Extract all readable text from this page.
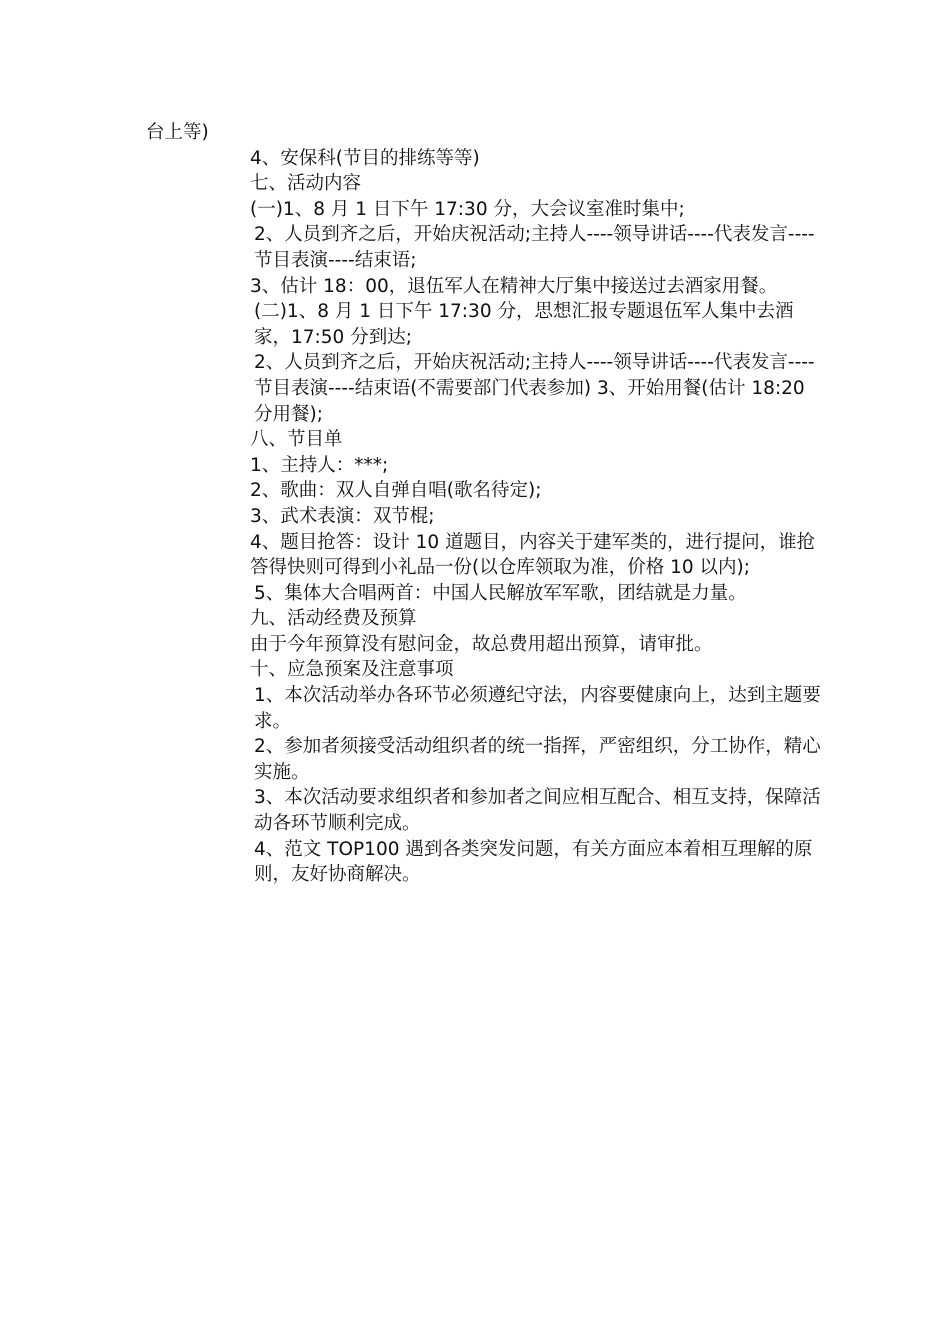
台上等)

4、安保科(节目的排练等等)

七、活动内容

(一)1、8 月 1 日下午 17:30 分，大会议室准时集中;

2、人员到齐之后，开始庆祝活动;主持人----领导讲话----代表发言----节目表演----结束语;

3、估计 18：00，退伍军人在精神大厅集中接送过去酒家用餐。

(二)1、8 月 1 日下午 17:30 分，思想汇报专题退伍军人集中去酒家，17:50 分到达;

2、人员到齐之后，开始庆祝活动;主持人----领导讲话----代表发言----节目表演----结束语(不需要部门代表参加) 3、开始用餐(估计 18:20 分用餐);

八、节目单

1、主持人：***;

2、歌曲：双人自弹自唱(歌名待定);

3、武术表演：双节棍;

4、题目抢答：设计 10 道题目，内容关于建军类的，进行提问，谁抢答得快则可得到小礼品一份(以仓库领取为准，价格 10 以内);

5、集体大合唱两首：中国人民解放军军歌，团结就是力量。

九、活动经费及预算

由于今年预算没有慰问金，故总费用超出预算，请审批。

十、应急预案及注意事项

1、本次活动举办各环节必须遵纪守法，内容要健康向上，达到主题要求。

2、参加者须接受活动组织者的统一指挥，严密组织，分工协作，精心实施。

3、本次活动要求组织者和参加者之间应相互配合、相互支持，保障活动各环节顺利完成。

4、范文 TOP100 遇到各类突发问题，有关方面应本着相互理解的原则，友好协商解决。
